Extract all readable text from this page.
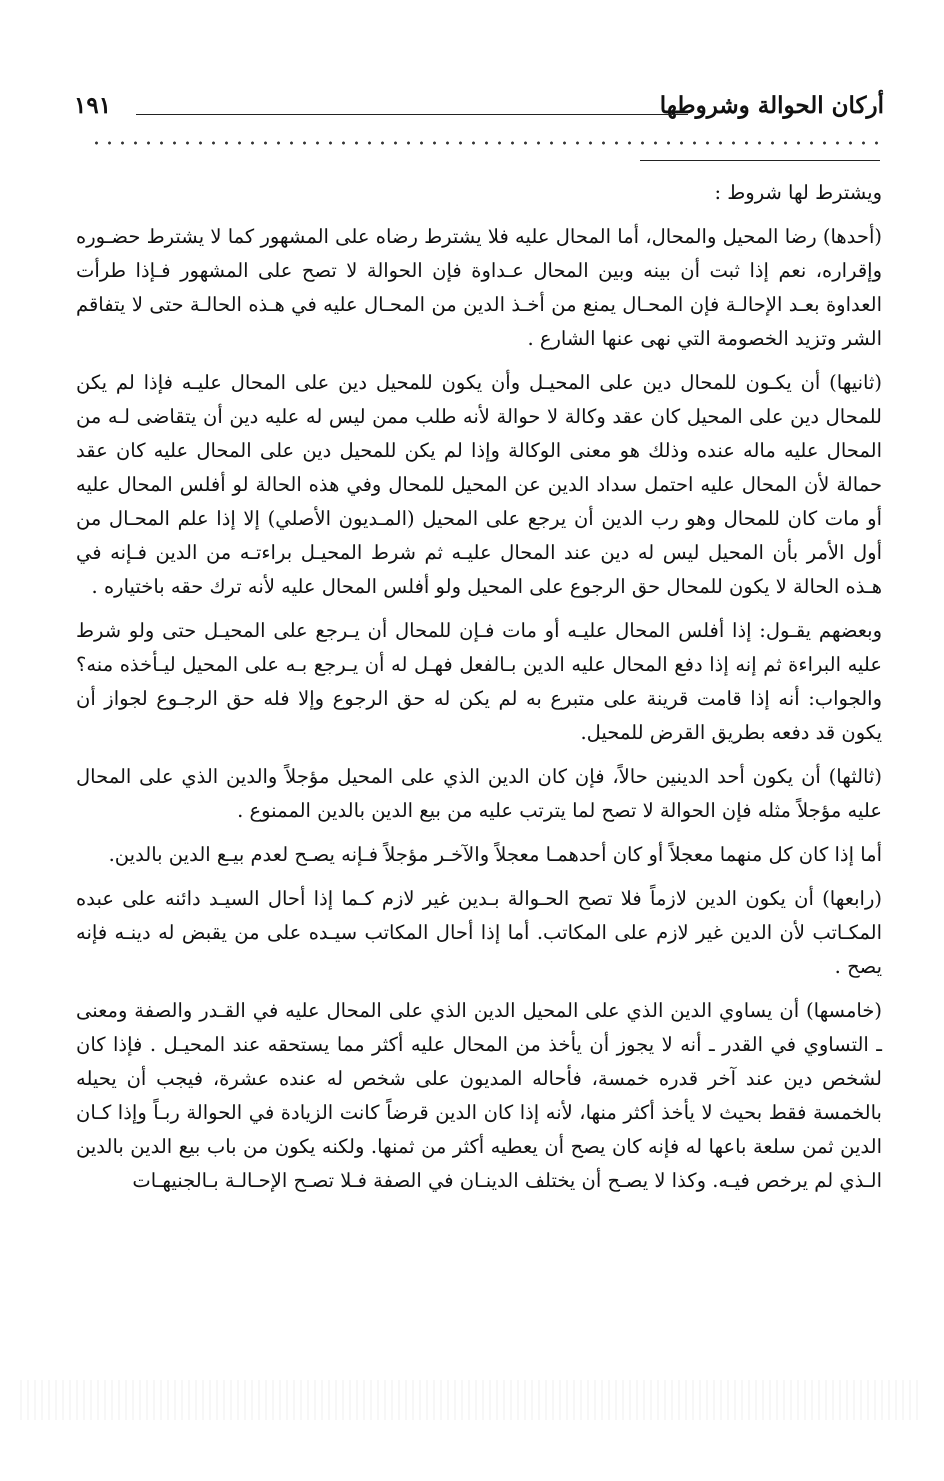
أركان الحوالة وشروطها
١٩١

ويشترط لها شروط :

(أحدها) رضا المحيل والمحال، أما المحال عليه فلا يشترط رضاه على المشهور كما لا يشترط حضـوره وإقراره، نعم إذا ثبت أن بينه وبين المحال عـداوة فإن الحوالة لا تصح على المشهور فـإذا طرأت العداوة بعـد الإحالـة فإن المحـال يمنع من أخـذ الدين من المحـال عليه في هـذه الحالـة حتى لا يتفاقم الشر وتزيد الخصومة التي نهى عنها الشارع .

(ثانيها) أن يكـون للمحال دين على المحيـل وأن يكون للمحيل دين على المحال عليـه فإذا لم يكن للمحال دين على المحيل كان عقد وكالة لا حوالة لأنه طلب ممن ليس له عليه دين أن يتقاضى لـه من المحال عليه ماله عنده وذلك هو معنى الوكالة وإذا لم يكن للمحيل دين على المحال عليه كان عقد حمالة لأن المحال عليه احتمل سداد الدين عن المحيل للمحال وفي هذه الحالة لو أفلس المحال عليه أو مات كان للمحال وهو رب الدين أن يرجع على المحيل (المـديون الأصلي) إلا إذا علم المحـال من أول الأمر بأن المحيل ليس له دين عند المحال عليـه ثم شرط المحيـل براءتـه من الدين فـإنه في هـذه الحالة لا يكون للمحال حق الرجوع على المحيل ولو أفلس المحال عليه لأنه ترك حقه باختياره .

وبعضهم يقـول: إذا أفلس المحال عليـه أو مات فـإن للمحال أن يـرجع على المحيـل حتى ولو شرط عليه البراءة ثم إنه إذا دفع المحال عليه الدين بـالفعل فهـل له أن يـرجع بـه على المحيل ليـأخذه منه؟ والجواب: أنه إذا قامت قرينة على متبرع به لم يكن له حق الرجوع وإلا فله حق الرجـوع لجواز أن يكون قد دفعه بطريق القرض للمحيل.

(ثالثها) أن يكون أحد الدينين حالاً، فإن كان الدين الذي على المحيل مؤجلاً والدين الذي على المحال عليه مؤجلاً مثله فإن الحوالة لا تصح لما يترتب عليه من بيع الدين بالدين الممنوع .

أما إذا كان كل منهما معجلاً أو كان أحدهمـا معجلاً والآخـر مؤجلاً فـإنه يصـح لعدم بيـع الدين بالدين.

(رابعها) أن يكون الدين لازماً فلا تصح الحـوالة بـدين غير لازم كـما إذا أحال السيـد دائنه على عبده المكـاتب لأن الدين غير لازم على المكاتب. أما إذا أحال المكاتب سيـده على من يقبض له دينـه فإنه يصح .

(خامسها) أن يساوي الدين الذي على المحيل الدين الذي على المحال عليه في القـدر والصفة ومعنى ـ التساوي في القدر ـ أنه لا يجوز أن يأخذ من المحال عليه أكثر مما يستحقه عند المحيـل . فإذا كان لشخص دين عند آخر قدره خمسة، فأحاله المديون على شخص له عنده عشرة، فيجب أن يحيله بالخمسة فقط بحيث لا يأخذ أكثر منها، لأنه إذا كان الدين قرضاً كانت الزيادة في الحوالة ربـاً وإذا كـان الدين ثمن سلعة باعها له فإنه كان يصح أن يعطيه أكثر من ثمنها. ولكنه يكون من باب بيع الدين بالدين الـذي لم يرخص فيـه. وكذا لا يصـح أن يختلف الدينـان في الصفة فـلا تصـح الإحـالـة بـالجنيهـات
